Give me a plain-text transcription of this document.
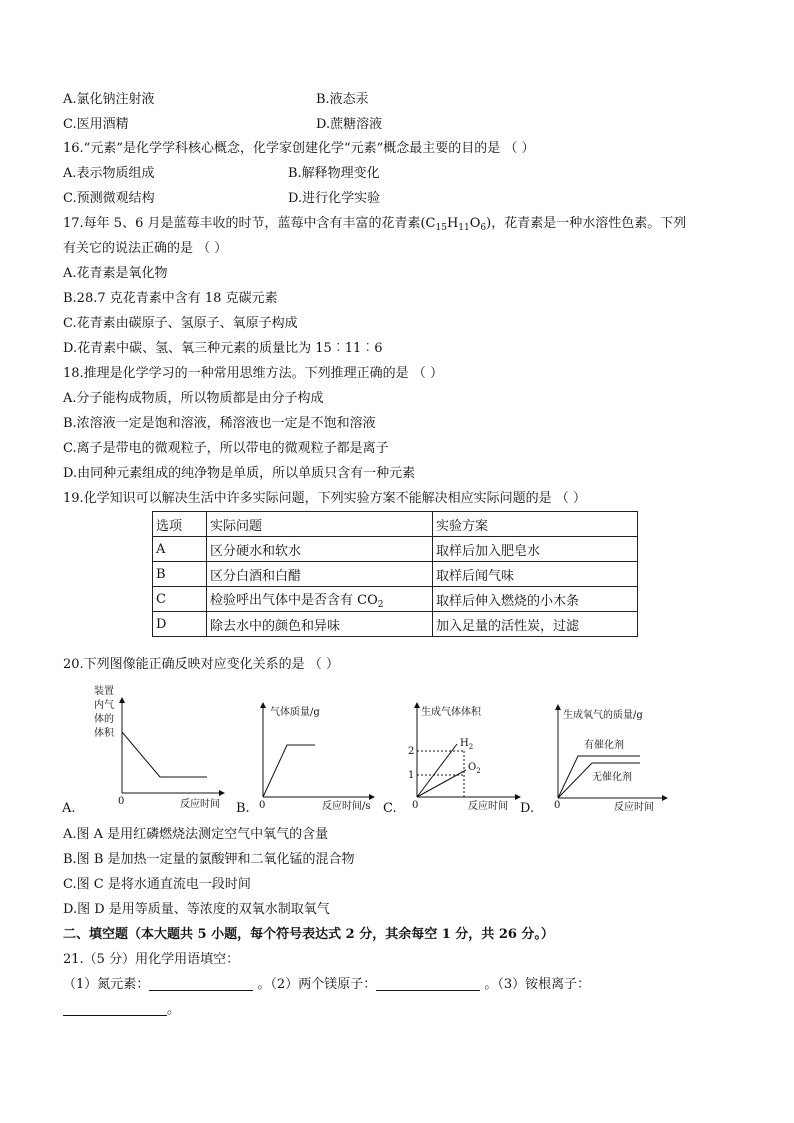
A.氯化钠注射液	B.液态汞
C.医用酒精	D.蔗糖溶液
16.“元素”是化学学科核心概念，化学家创建化学“元素”概念最主要的目的是 （ ）
A.表示物质组成	B.解释物理变化
C.预测微观结构	D.进行化学实验
17.每年 5、6 月是蓝莓丰收的时节，蓝莓中含有丰富的花青素$(C_{15}H_{11}O_6)$，花青素是一种水溶性色素。下列
有关它的说法正确的是 （ ）
A.花青素是氧化物
B.28.7 克花青素中含有 18 克碳元素
C.花青素由碳原子、氢原子、氧原子构成
D.花青素中碳、氢、氧三种元素的质量比为 15︰11︰6
18.推理是化学学习的一种常用思维方法。下列推理正确的是 （ ）
A.分子能构成物质，所以物质都是由分子构成
B.浓溶液一定是饱和溶液，稀溶液也一定是不饱和溶液
C.离子是带电的微观粒子，所以带电的微观粒子都是离子
D.由同种元素组成的纯净物是单质，所以单质只含有一种元素
19.化学知识可以解决生活中许多实际问题，下列实验方案不能解决相应实际问题的是 （ ）
选项	实际问题	实验方案
A	区分硬水和软水	取样后加入肥皂水
B	区分白酒和白醋	取样后闻气味
C	检验呼出气体中是否含有 $CO_2$	取样后伸入燃烧的小木条
D	除去水中的颜色和异味	加入足量的活性炭，过滤
20.下列图像能正确反映对应变化关系的是 （ ）
A.
装置
内气
体的
体积
0	反应时间 B.
气体质量/g
0	反应时间/s C.
生成气体体积
2
1
$H_2$
$O_2$
0	反应时间 D.
生成氧气的质量/g
有催化剂
无催化剂
0	反应时间
A.图 A 是用红磷燃烧法测定空气中氧气的含量
B.图 B 是加热一定量的氯酸钾和二氧化锰的混合物
C.图 C 是将水通直流电一段时间
D.图 D 是用等质量、等浓度的双氧水制取氧气
二、填空题（本大题共 5 小题，每个符号表达式 2 分，其余每空 1 分，共 26 分。）
21.（5 分）用化学用语填空：
（1）氮元素：	。（2）两个镁原子：	。（3）铵根离子：
。
